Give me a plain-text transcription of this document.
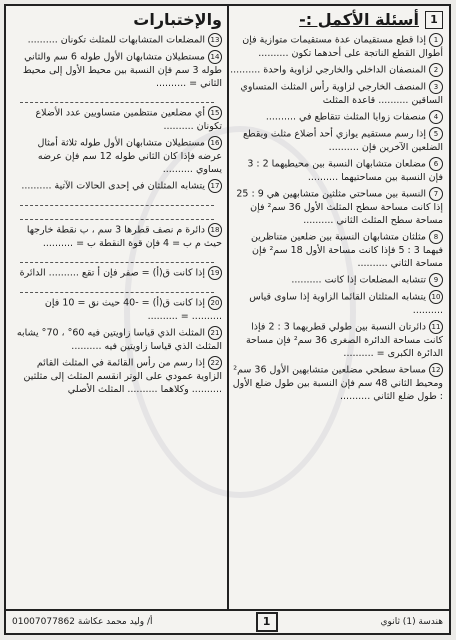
1
أسئلة الأكمل :-
1إذا قطع مستقيمان عدة مستقيمات متوازية فإن أطوال القطع الناتجة على أحدهما تكون ..........
2المنصفان الداخلي والخارجي لزاوية واحدة ..........
3المنصف الخارجي لزاوية رأس المثلث المتساوي الساقين .......... قاعدة المثلث
4منصفات زوايا المثلث تتقاطع في ..........
5إذا رسم مستقيم يوازي أحد أضلاع مثلث ويقطع الضلعين الآخرين فإن ..........
6مضلعان متشابهان النسبة بين محيطيهما 2 : 3 فإن النسبة بين مساحتيهما ..........
7النسبة بين مساحتي مثلثين متشابهين هي 9 : 25 إذا كانت مساحة سطح المثلث الأول 36 سم² فإن مساحة سطح المثلث الثاني ..........
8مثلثان متشابهان النسبة بين ضلعين متناظرين فيهما 3 : 5 فإذا كانت مساحة الأول 18 سم² فإن مساحة الثاني ..........
9تتشابه المضلعات إذا كانت ..........
10يتشابه المثلثان القائما الزاوية إذا ساوى قياس ..........
11دائرتان النسبة بين طولي قطريهما 3 : 2 فإذا كانت مساحة الدائرة الصغرى 36 سم² فإن مساحة الدائرة الكبرى = ..........
12مساحة سطحي مضلعين متشابهين الأول 36 سم² ومحيط الثاني 48 سم فإن النسبة بين طول ضلع الأول : طول ضلع الثاني ..........
والإختبارات
13المضلعات المتشابهات للمثلث تكونان ..........
14مستطيلان متشابهان الأول طوله 6 سم والثاني طوله 3 سم فإن النسبة بين محيط الأول إلى محيط الثاني = ..........
15أي مضلعين منتظمين متساويين عدد الأضلاع تكونان ..........
16مستطيلان متشابهان الأول طوله ثلاثة أمثال عرضه فإذا كان الثاني طوله 12 سم فإن عرضه يساوي ..........
17يتشابه المثلثان في إحدى الحالات الآتية ..........
18دائرة م نصف قطرها 3 سم ، ب نقطة خارجها حيث م ب = 4 فإن قوة النقطة ب = ..........
19إذا كانت ق(أ) = صفر فإن أ تقع .......... الدائرة
20إذا كانت ق(أ) = -40 حيث نق = 10 فإن .......... = ..........
21المثلث الذي قياسا زاويتين فيه 60° ، 70° يشابه المثلث الذي قياسا زاويتين فيه ..........
22إذا رسم من رأس القائمة في المثلث القائم الزاوية عمودي على الوتر انقسم المثلث إلى مثلثين .......... وكلاهما .......... المثلث الأصلي
هندسة (1) ثانوي
1
أ/ وليد محمد عكاشة 01007077862
